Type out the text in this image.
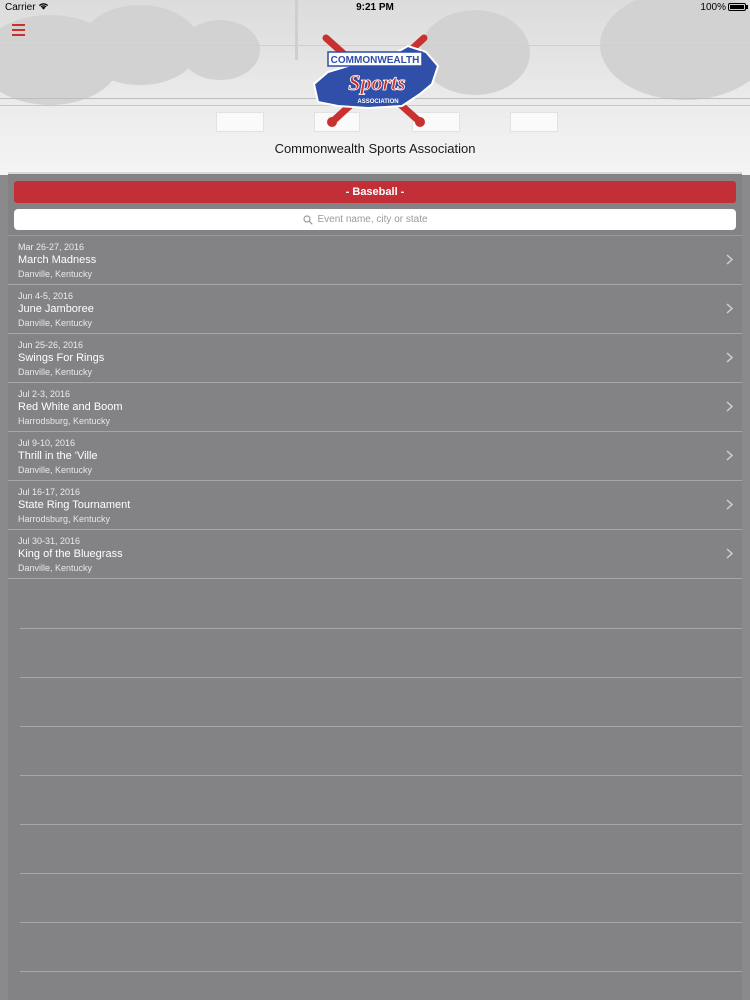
Carrier	9:21 PM	100%
COMMONWEALTH
Sports
ASSOCIATION
Commonwealth Sports Association
- Baseball -
Event name, city or state
Mar 26-27, 2016
March Madness
Danville, Kentucky
Jun 4-5, 2016
June Jamboree
Danville, Kentucky
Jun 25-26, 2016
Swings For Rings
Danville, Kentucky
Jul 2-3, 2016
Red White and Boom
Harrodsburg, Kentucky
Jul 9-10, 2016
Thrill in the 'Ville
Danville, Kentucky
Jul 16-17, 2016
State Ring Tournament
Harrodsburg, Kentucky
Jul 30-31, 2016
King of the Bluegrass
Danville, Kentucky
